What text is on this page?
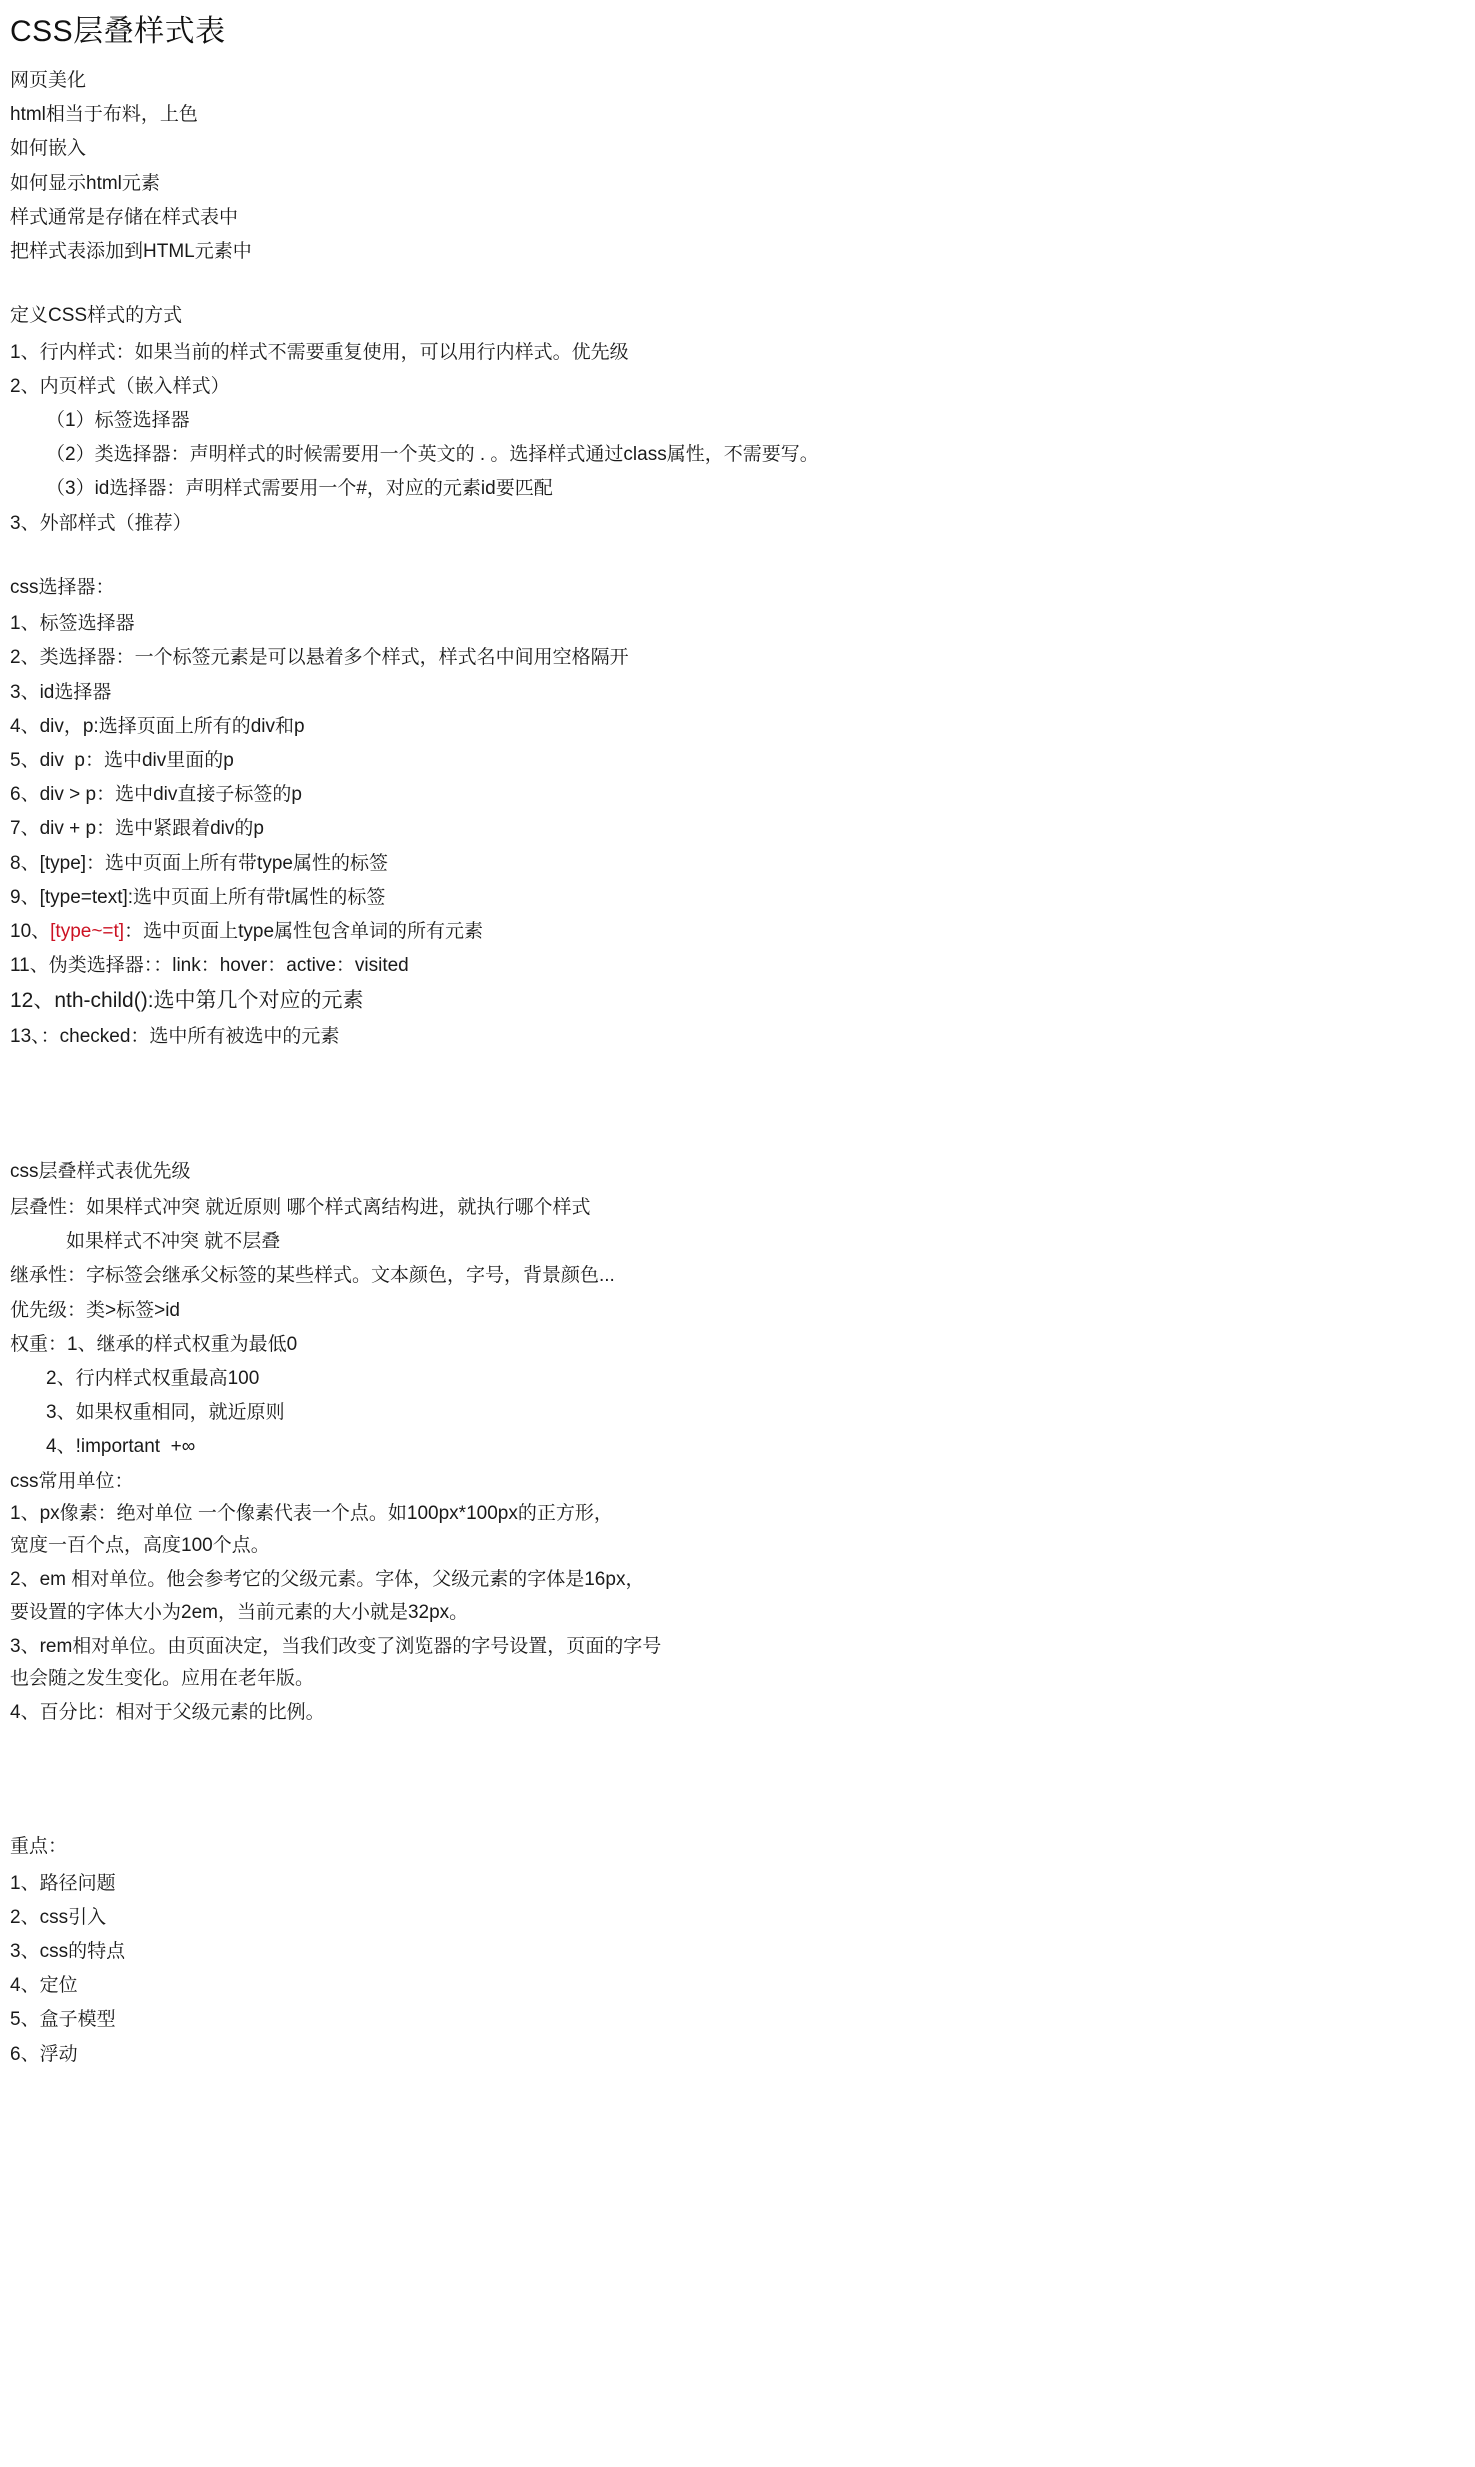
CSS层叠样式表

网页美化

html相当于布料，上色

如何嵌入

如何显示html元素

样式通常是存储在样式表中

把样式表添加到HTML元素中

定义CSS样式的方式

1、行内样式：如果当前的样式不需要重复使用，可以用行内样式。优先级

2、内页样式（嵌入样式）

（1）标签选择器

（2）类选择器：声明样式的时候需要用一个英文的 . 。选择样式通过class属性，不需要写。

（3）id选择器：声明样式需要用一个#，对应的元素id要匹配

3、外部样式（推荐）

css选择器：

1、标签选择器

2、类选择器：一个标签元素是可以悬着多个样式，样式名中间用空格隔开

3、id选择器

4、div，p:选择页面上所有的div和p

5、div  p：选中div里面的p

6、div > p：选中div直接子标签的p

7、div + p：选中紧跟着div的p

8、[type]：选中页面上所有带type属性的标签

9、[type=text]:选中页面上所有带t属性的标签

10、[type~=t]：选中页面上type属性包含单词的所有元素

11、伪类选择器：：link：hover：active：visited

12、nth-child():选中第几个对应的元素

13、：checked：选中所有被选中的元素

css层叠样式表优先级

层叠性：如果样式冲突 就近原则 哪个样式离结构进，就执行哪个样式

如果样式不冲突 就不层叠

继承性：字标签会继承父标签的某些样式。文本颜色，字号，背景颜色...

优先级：类>标签>id

权重：1、继承的样式权重为最低0

2、行内样式权重最高100

3、如果权重相同，就近原则

4、!important  +∞

css常用单位：

1、px像素：绝对单位 一个像素代表一个点。如100px*100px的正方形，

宽度一百个点，高度100个点。

2、em 相对单位。他会参考它的父级元素。字体，父级元素的字体是16px，

要设置的字体大小为2em，当前元素的大小就是32px。

3、rem相对单位。由页面决定，当我们改变了浏览器的字号设置，页面的字号

也会随之发生变化。应用在老年版。

4、百分比：相对于父级元素的比例。

重点：

1、路径问题

2、css引入

3、css的特点

4、定位

5、盒子模型

6、浮动
